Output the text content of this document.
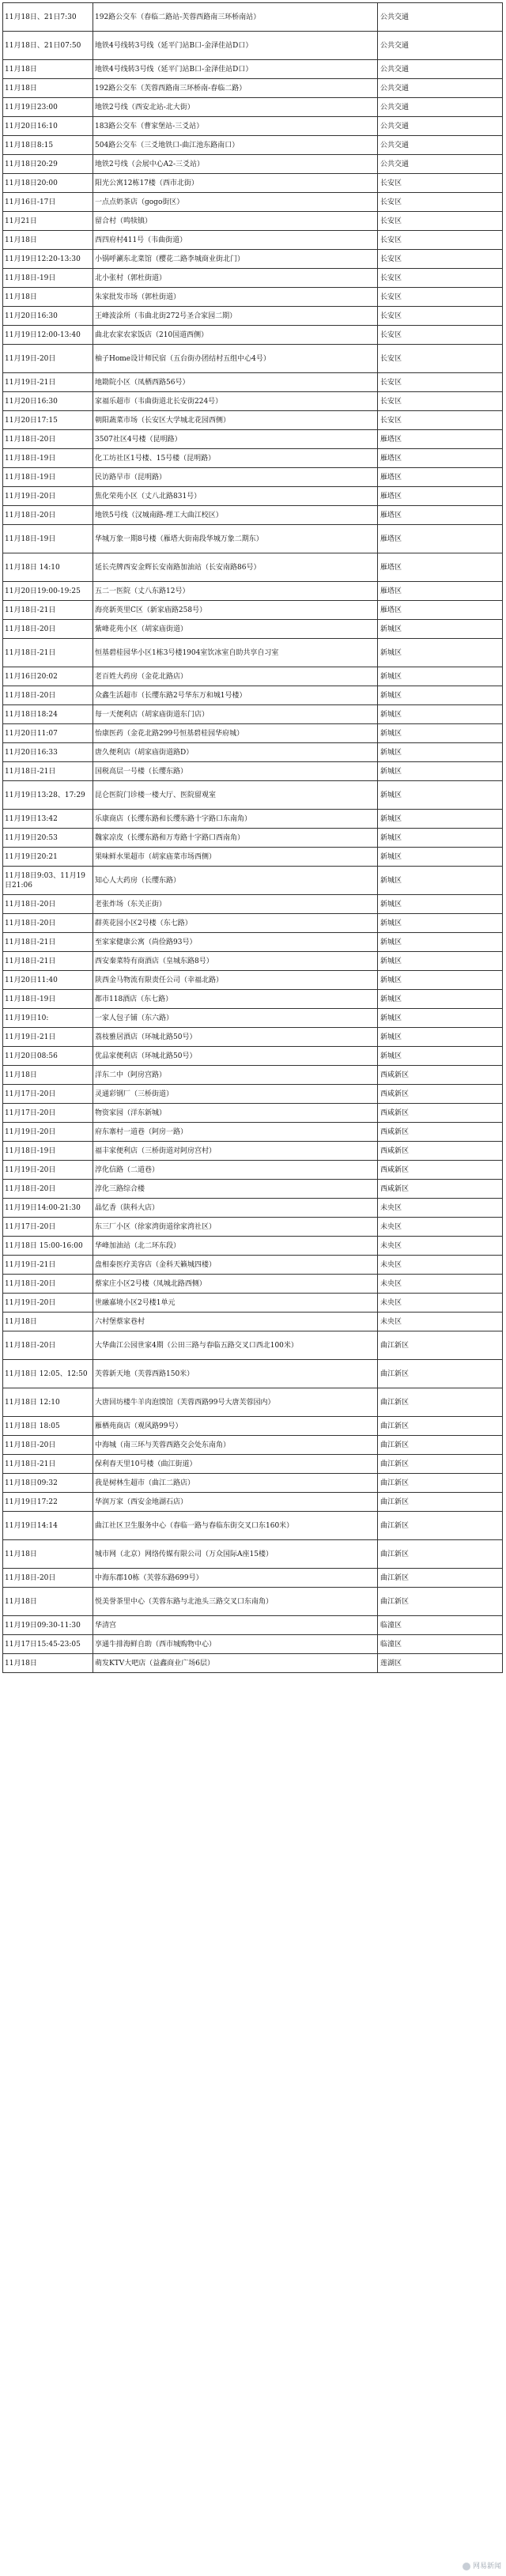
11月18日、21日7:30	192路公交车（春临二路站-芙蓉西路南三环桥南站）	公共交通
11月18日、21日07:50	地铁4号线转3号线（延平门站B口-金泽佳站D口）	公共交通
11月18日	地铁4号线转3号线（延平门站B口-金泽佳站D口）	公共交通
11月18日	192路公交车（芙蓉西路南三环桥南-春临二路）	公共交通
11月19日23:00	地铁2号线（西安北站-北大街）	公共交通
11月20日16:10	183路公交车（曹家堡站-三爻站）	公共交通
11月18日8:15	504路公交车（三爻地铁口-曲江池东路南口）	公共交通
11月18日20:29	地铁2号线（会展中心A2-三爻站）	公共交通
11月18日20:00	阳光公寓12栋17楼（西市北街）	长安区
11月16日-17日	一点点奶茶店（gogo街区）	长安区
11月21日	留合村（鸣犊镇）	长安区
11月18日	西四府村411号（韦曲街道）	长安区
11月19日12:20-13:30	小锅呼涮东北菜馆（樱花二路李城商业街北门）	长安区
11月18日-19日	北小张村（郭杜街道）	长安区
11月18日	朱家批发市场（郭杜街道）	长安区
11月20日16:30	王峰波涂所（韦曲北街272号圣合家园二期）	长安区
11月19日12:00-13:40	曲北农家农家饭店（210国道西侧）	长安区
11月19日-20日	柚子Home设计师民宿（五台街办团结村五组中心4号）	长安区
11月19日-21日	地勘院小区（凤栖西路56号）	长安区
11月20日16:30	家福乐超市（韦曲街道北长安街224号）	长安区
11月20日17:15	朝阳蔬菜市场（长安区大学城北花园西侧）	长安区
11月18日-20日	3507社区4号楼（昆明路）	雁塔区
11月18日-19日	化工坊社区1号楼、15号楼（昆明路）	雁塔区
11月18日-19日	民访路早市（昆明路）	雁塔区
11月19日-20日	焦化荣苑小区（丈八北路831号）	雁塔区
11月18日-20日	地铁5号线（汉城南路-理工大曲江校区）	雁塔区
11月18日-19日	华城万象一期8号楼（雁塔大街南段华城万象二期东）	雁塔区
11月18日 14:10	延长壳牌西安金辉长安南路加油站（长安南路86号）	雁塔区
11月20日19:00-19:25	五二一医院（丈八东路12号）	雁塔区
11月18日-21日	海亮新英里C区（新家庙路258号）	雁塔区
11月18日-20日	紫峰花苑小区（胡家庙街道）	新城区
11月18日-21日	恒基碧桂园华小区1栋3号楼1904室饮冰室自助共享自习室	新城区
11月16日20:02	老百姓大药房（金花北路店）	新城区
11月18日-20日	众鑫生活超市（长缨东路2号华东万和城1号楼）	新城区
11月18日18:24	每一天便利店（胡家庙街道东门店）	新城区
11月20日11:07	怡康医药（金花北路299号恒基碧桂园华府城）	新城区
11月20日16:33	唐久便利店（胡家庙街道路D）	新城区
11月18日-21日	国税高层一号楼（长缨东路）	新城区
11月19日13:28、17:29	昆仑医院门诊楼一楼大厅、医院留观室	新城区
11月19日13:42	乐康商店（长缨东路和长缨东路十字路口东南角）	新城区
11月19日20:53	魏家凉皮（长缨东路和万寿路十字路口西南角）	新城区
11月19日20:21	果味鲜水果超市（胡家庙菜市场西侧）	新城区
11月18日9:03、11月19日21:06	知心人大药房（长缨东路）	新城区
11月18日-20日	老张炸场（东关正街）	新城区
11月18日-20日	群英花园小区2号楼（东七路）	新城区
11月18日-21日	至家家健康公寓（尚俭路93号）	新城区
11月18日-21日	西安秦菜特有商酒店（皇城东路8号）	新城区
11月20日11:40	陕西金马物流有限责任公司（幸福北路）	新城区
11月18日-19日	都市118酒店（东七路）	新城区
11月19日10:	一家人包子铺（东六路）	新城区
11月19日-21日	荔枝雅居酒店（环城北路50号）	新城区
11月20日08:56	优品家便利店（环城北路50号）	新城区
11月18日	洋东二中（阿房宫路）	西咸新区
11月17日-20日	灵通彩钢厂（三桥街道）	西咸新区
11月17日-20日	物资家园（洋东新城）	西咸新区
11月19日-20日	府东寨村一道巷（阿房一路）	西咸新区
11月18日-19日	福丰家便利店（三桥街道对阿房宫村）	西咸新区
11月19日-20日	淳化信路（二道巷）	西咸新区
11月18日-20日	淳化三路综合楼	西咸新区
11月19日14:00-21:30	晶忆香（陕科大店）	未央区
11月17日-20日	东三厂小区（徐家湾街道徐家湾社区）	未央区
11月18日 15:00-16:00	华峰加油站（北二环东段）	未央区
11月19日-21日	盘相泰医疗美容店（金科天籁城四楼）	未央区
11月18日-20日	蔡家庄小区2号楼（凤城北路西侧）	未央区
11月19日-20日	世融嘉境小区2号楼1单元	未央区
11月18日	六村堡蔡家巷村	未央区
11月18日-20日	大华曲江公园世家4期（公田三路与春临五路交叉口西北100米）	曲江新区
11月18日 12:05、12:50	芙蓉新天地（芙蓉西路150米）	曲江新区
11月18日 12:10	大唐回坊楼牛羊肉泡馍馆（芙蓉西路99号大唐芙蓉园内）	曲江新区
11月18日 18:05	雁栖苑商店（观风路99号）	曲江新区
11月18日-20日	中海城（南三环与芙蓉西路交会处东南角）	曲江新区
11月18日-21日	保利春天里10号楼（曲江街道）	曲江新区
11月18日09:32	我是树林生超市（曲江二路店）	曲江新区
11月19日17:22	华润万家（西安金地湖石店）	曲江新区
11月19日14:14	曲江社区卫生服务中心（春临一路与春临东街交叉口东160米）	曲江新区
11月18日	城市网（北京）网络传媒有限公司（万众国际A座15楼）	曲江新区
11月18日-20日	中海东郡10栋（芙蓉东路699号）	曲江新区
11月18日	悦美誉茶里中心（芙蓉东路与北池头三路交叉口东南角）	曲江新区
11月19日09:30-11:30	华清宫	临潼区
11月17日15:45-23:05	享通牛排海鲜自助（西市城购物中心）	临潼区
11月18日	萌发KTV大吧店（益鑫商业广场6层）	莲湖区
网易新闻
